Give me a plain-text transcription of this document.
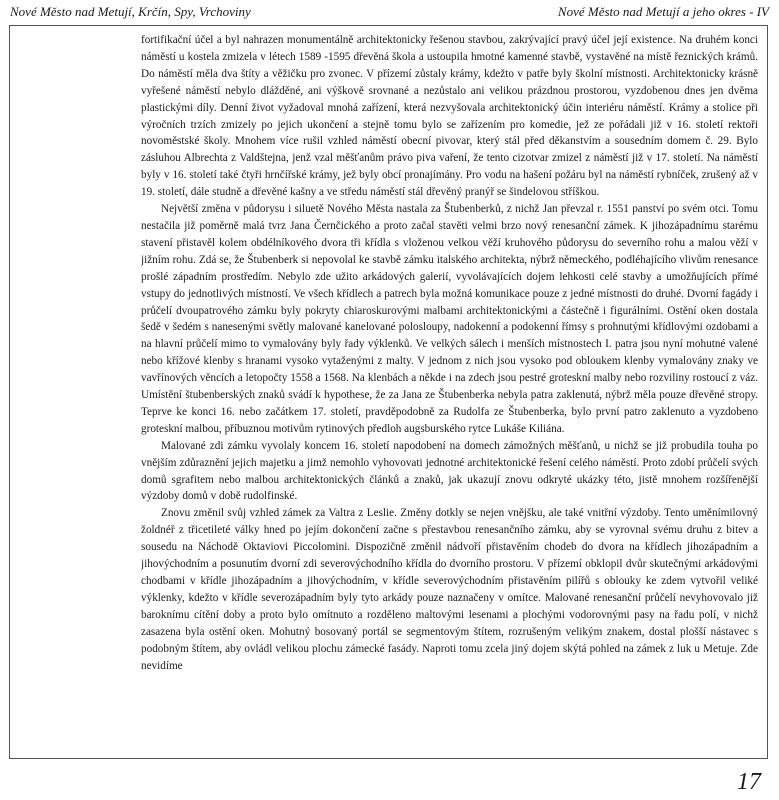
Nové Město nad Metují, Krčín, Spy, Vrchoviny	Nové Město nad Metují a jeho okres - IV

fortifikační účel a byl nahrazen monumentálně architektonicky řešenou stavbou, zakrývající pravý účel její existence. Na druhém konci náměstí u kostela zmizela v létech 1589 -1595 dřevěná škola a ustoupila hmotné kamenné stavbě, vystavěné na místě řeznických krámů. Do náměstí měla dva štíty a věžičku pro zvonec. V přízemí zůstaly krámy, kdežto v patře byly školní místnosti. Architektonicky krásně vyřešené náměstí nebylo dlážděné, ani výškově srovnané a nezůstalo ani velikou prázdnou prostorou, vyzdobenou dnes jen dvěma plastickými díly. Denní život vyžadoval mnohá zařízení, která nezvyšovala architektonický účin interiéru náměstí. Krámy a stolice při výročních trzích zmizely po jejich ukončení a stejně tomu bylo se zařízením pro komedie, jež ze pořádali již v 16. století rektoři novoměstské školy. Mnohem více rušil vzhled náměstí obecní pivovar, který stál před děkanstvím a sousedním domem č. 29. Bylo zásluhou Albrechta z Valdštejna, jenž vzal měšťanům právo piva vaření, že tento cizotvar zmizel z náměstí již v 17. století. Na náměstí byly v 16. století také čtyři hrnčířské krámy, jež byly obcí pronajímány. Pro vodu na hašení požáru byl na náměstí rybníček, zrušený až v 19. století, dále studně a dřevěné kašny a ve středu náměstí stál dřevěný pranýř se šindelovou stříškou.

Největší změna v půdorysu i siluetě Nového Města nastala za Štubenberků, z nichž Jan převzal r. 1551 panství po svém otci. Tomu nestačila již poměrně malá tvrz Jana Černčického a proto začal stavěti velmi brzo nový renesanční zámek. K jihozápadnímu starému stavení přistavěl kolem obdélníkového dvora tři křídla s vloženou velkou věží kruhového půdorysu do severního rohu a malou věží v jižním rohu. Zdá se, že Štubenberk si nepovolal ke stavbě zámku italského architekta, nýbrž německého, podléhajícího vlivům renesance prošlé západním prostředím. Nebylo zde užito arkádových galerií, vyvolávajících dojem lehkosti celé stavby a umožňujících přímé vstupy do jednotlivých místností. Ve všech křídlech a patrech byla možná komunikace pouze z jedné místnosti do druhé. Dvorní fagády i průčelí dvoupatrového zámku byly pokryty chiaroskurovými malbami architektonickými a částečně i figurálními. Ostění oken dostala šedě v šedém s nanesenými světly malované kanelované polosloupy, nadokenní a podokenní římsy s prohnutými křídlovými ozdobami a na hlavní průčelí mimo to vymalovány byly řady výklenků. Ve velkých sálech i menších místnostech I. patra jsou nyní mohutné valené nebo křížové klenby s hranami vysoko vytaženými z malty. V jednom z nich jsou vysoko pod obloukem klenby vymalovány znaky ve vavřínových věncích a letopočty 1558 a 1568. Na klenbách a někde i na zdech jsou pestré groteskní malby nebo rozviliny rostoucí z váz. Umístění štubenberských znaků svádí k hypothese, že za Jana ze Štubenberka nebyla patra zaklenutá, nýbrž měla pouze dřevěné stropy. Teprve ke konci 16. nebo začátkem 17. století, pravděpodobně za Rudolfa ze Štubenberka, bylo první patro zaklenuto a vyzdobeno groteskní malbou, příbuznou motivům rytinových předloh augsburského rytce Lukáše Kiliána.

Malované zdi zámku vyvolaly koncem 16. století napodobení na domech zámožných měšťanů, u nichž se již probudila touha po vnějším zdůraznění jejich majetku a jimž nemohlo vyhovovati jednotné architektonické řešení celého náměstí. Proto zdobí průčelí svých domů sgrafitem nebo malbou architektonických článků a znaků, jak ukazují znovu odkryté ukázky této, jistě mnohem rozšířenější výzdoby domů v době rudolfinské.

Znovu změnil svůj vzhled zámek za Valtra z Leslie. Změny dotkly se nejen vnějšku, ale také vnitřní výzdoby. Tento uměnímilovný žoldnéř z třicetileté války hned po jejím dokončení začne s přestavbou renesančního zámku, aby se vyrovnal svému druhu z bitev a sousedu na Náchodě Oktaviovi Piccolomini. Dispozičně změnil nádvoří přistavěním chodeb do dvora na křídlech jihozápadním a jihovýchodním a posunutím dvorní zdi severovýchodního křídla do dvorního prostoru. V přízemí obklopil dvůr skutečnými arkádovými chodbami v křídle jihozápadním a jihovýchodním, v křídle severovýchodním přistavěním pilířů s oblouky ke zdem vytvořil veliké výklenky, kdežto v křídle severozápadním byly tyto arkády pouze naznačeny v omítce. Malované renesanční průčelí nevyhovovalo již baroknímu cítění doby a proto bylo omítnuto a rozděleno maltovými lesenami a plochými vodorovnými pasy na řadu polí, v nichž zasazena byla ostění oken. Mohutný bosovaný portál se segmentovým štítem, rozrušeným velikým znakem, dostal plošší nástavec s podobným štítem, aby ovládl velikou plochu zámecké fasády. Naproti tomu zcela jiný dojem skýtá pohled na zámek z luk u Metuje. Zde nevidíme

17
